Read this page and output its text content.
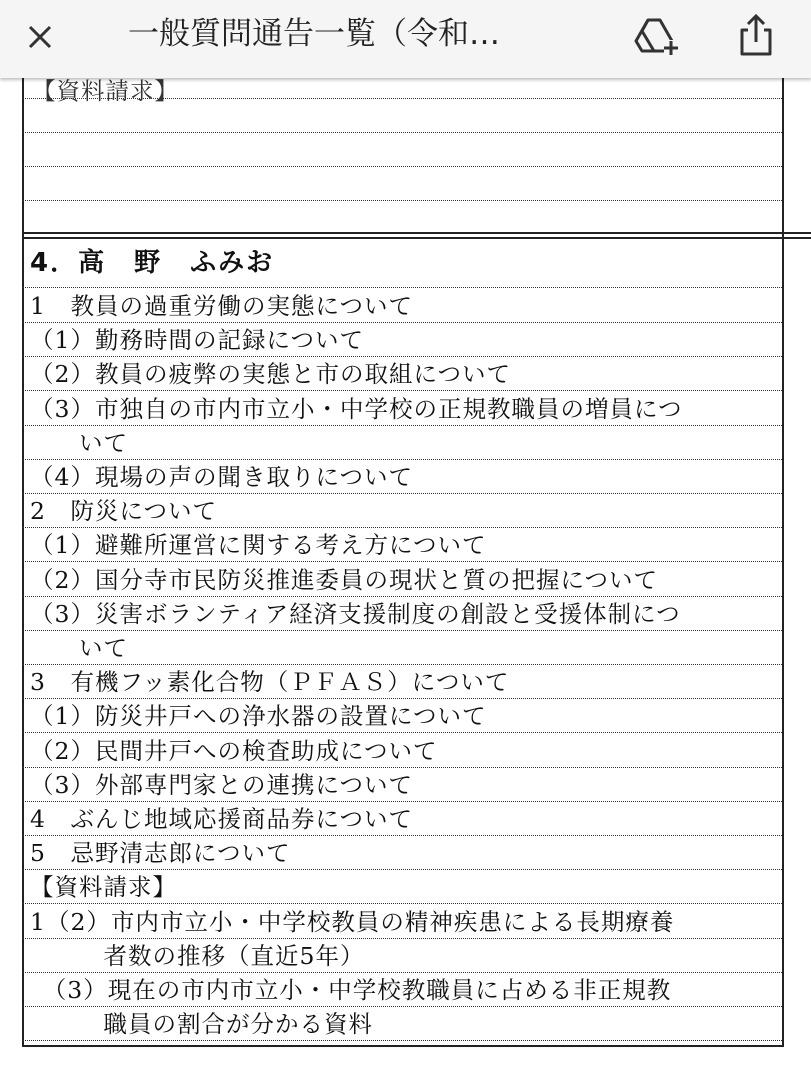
一般質問通告一覧（令和…
【資料請求】
4．高　野　ふみお
1　教員の過重労働の実態について
（1）勤務時間の記録について
（2）教員の疲弊の実態と市の取組について
（3）市独自の市内市立小・中学校の正規教職員の増員につ
　　いて
（4）現場の声の聞き取りについて
2　防災について
（1）避難所運営に関する考え方について
（2）国分寺市民防災推進委員の現状と質の把握について
（3）災害ボランティア経済支援制度の創設と受援体制につ
　　いて
3　有機フッ素化合物（ＰＦＡＳ）について
（1）防災井戸への浄水器の設置について
（2）民間井戸への検査助成について
（3）外部専門家との連携について
4　ぶんじ地域応援商品券について
5　忌野清志郎について
【資料請求】
1（2）市内市立小・中学校教員の精神疾患による長期療養
　　　者数の推移（直近5年）
　（3）現在の市内市立小・中学校教職員に占める非正規教
　　　職員の割合が分かる資料
